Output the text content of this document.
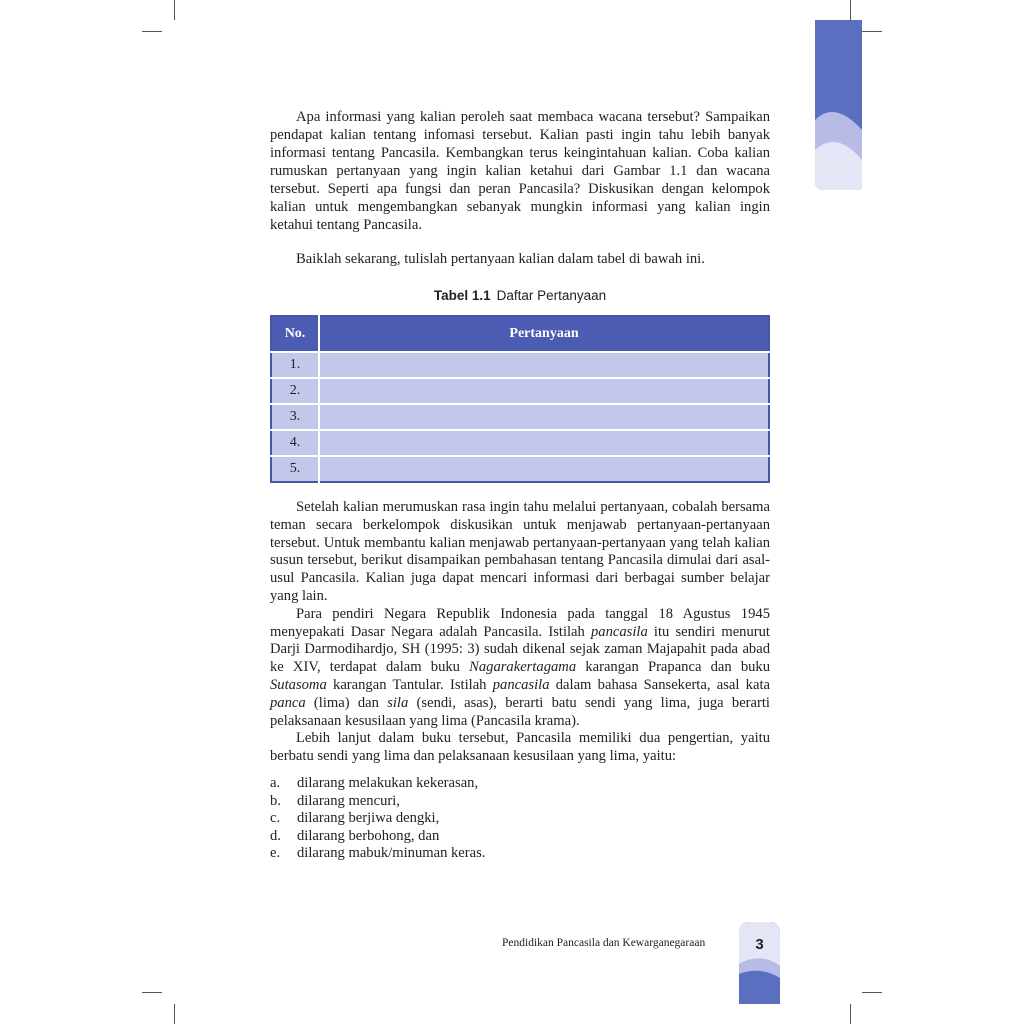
Apa informasi yang kalian peroleh saat membaca wacana tersebut? Sampaikan pendapat kalian tentang infomasi tersebut. Kalian pasti ingin tahu lebih banyak informasi tentang Pancasila. Kembangkan terus keingintahuan kalian. Coba kalian rumuskan pertanyaan yang ingin kalian ketahui dari Gambar 1.1 dan wacana tersebut. Seperti apa fungsi dan peran Pancasila? Diskusikan dengan kelompok kalian untuk mengembangkan sebanyak mungkin informasi yang kalian ingin ketahui tentang Pancasila.

Baiklah sekarang, tulislah pertanyaan kalian dalam tabel di bawah ini.

Tabel 1.1 Daftar Pertanyaan
No.	Pertanyaan
1.	
2.	
3.	
4.	
5.	

Setelah kalian merumuskan rasa ingin tahu melalui pertanyaan, cobalah bersama teman secara berkelompok diskusikan untuk menjawab pertanyaan-pertanyaan tersebut. Untuk membantu kalian menjawab pertanyaan-pertanyaan yang telah kalian susun tersebut, berikut disampaikan pembahasan tentang Pancasila dimulai dari asal-usul Pancasila. Kalian juga dapat mencari informasi dari berbagai sumber belajar yang lain.

Para pendiri Negara Republik Indonesia pada tanggal 18 Agustus 1945 menyepakati Dasar Negara adalah Pancasila. Istilah pancasila itu sendiri menurut Darji Darmodihardjo, SH (1995: 3) sudah dikenal sejak zaman Majapahit pada abad ke XIV, terdapat dalam buku Nagarakertagama karangan Prapanca dan buku Sutasoma karangan Tantular. Istilah pancasila dalam bahasa Sansekerta, asal kata panca (lima) dan sila (sendi, asas), berarti batu sendi yang lima, juga berarti pelaksanaan kesusilaan yang lima (Pancasila krama).

Lebih lanjut dalam buku tersebut, Pancasila memiliki dua pengertian, yaitu berbatu sendi yang lima dan pelaksanaan kesusilaan yang lima, yaitu:

a.	dilarang melakukan kekerasan,
b.	dilarang mencuri,
c.	dilarang berjiwa dengki,
d.	dilarang berbohong, dan
e.	dilarang mabuk/minuman keras.
Pendidikan Pancasila dan Kewarganegaraan	3
